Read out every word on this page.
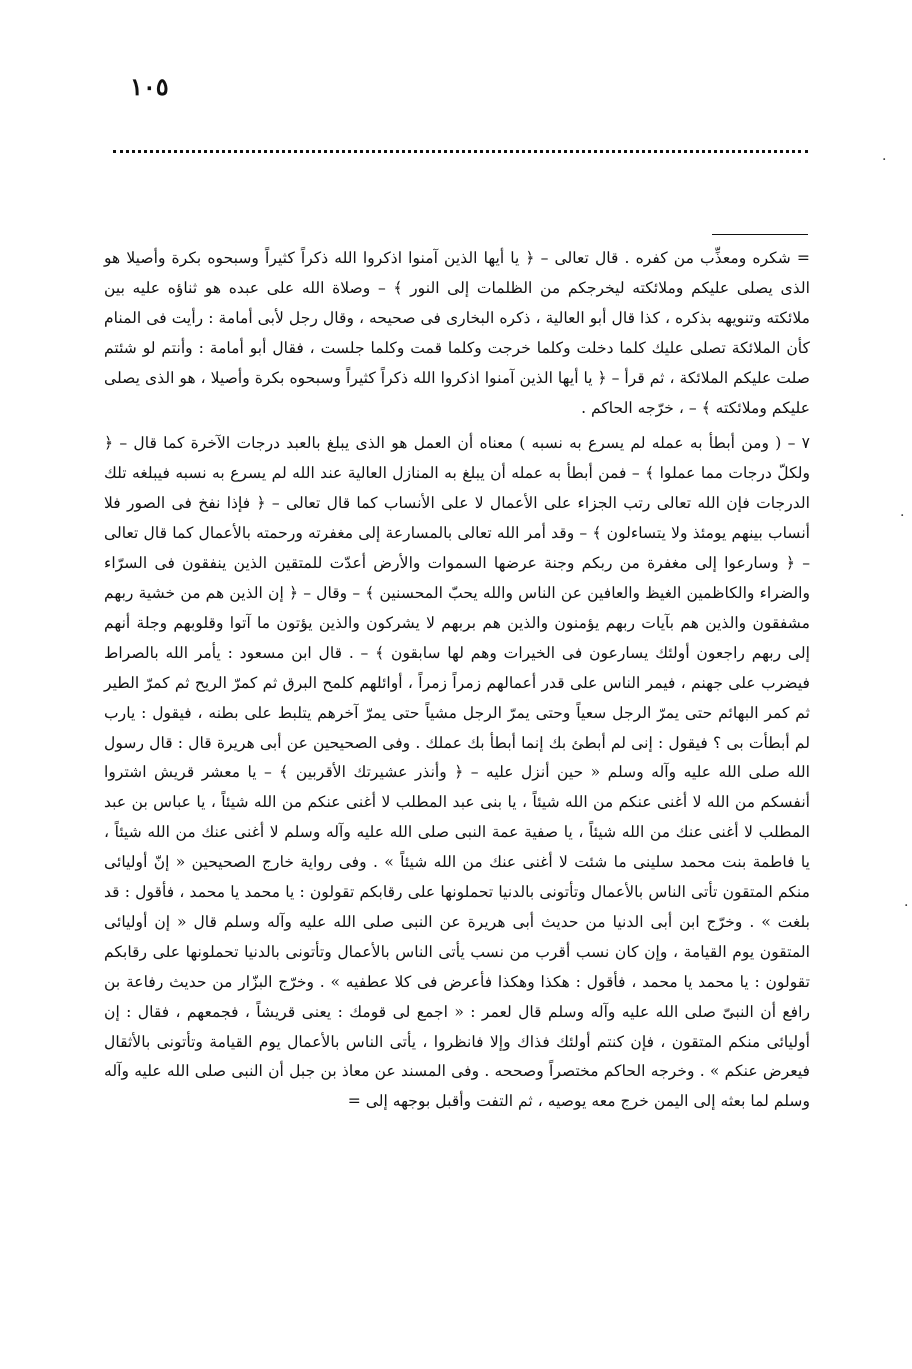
١٠٥
·
·
·

= شكره ومعذِّب من كفره . قال تعالى – ﴿ يا أيها الذين آمنوا اذكروا الله ذكراً كثيراً وسبحوه بكرة وأصيلا هو الذى يصلى عليكم وملائكته ليخرجكم من الظلمات إلى النور ﴾ – وصلاة الله على عبده هو ثناؤه عليه بين ملائكته وتنويهه بذكره ، كذا قال أبو العالية ، ذكره البخارى فى صحيحه ، وقال رجل لأبى أمامة : رأيت فى المنام كأن الملائكة تصلى عليك كلما دخلت وكلما خرجت وكلما قمت وكلما جلست ، فقال أبو أمامة : وأنتم لو شئتم صلت عليكم الملائكة ، ثم قرأ – ﴿ يا أيها الذين آمنوا اذكروا الله ذكراً كثيراً وسبحوه بكرة وأصيلا ، هو الذى يصلى عليكم وملائكته ﴾ – ، خرّجه الحاكم .

٧ – ( ومن أبطأ به عمله لم يسرع به نسبه ) معناه أن العمل هو الذى يبلغ بالعبد درجات الآخرة كما قال – ﴿ ولكلّ درجات مما عملوا ﴾ – فمن أبطأ به عمله أن يبلغ به المنازل العالية عند الله لم يسرع به نسبه فيبلغه تلك الدرجات فإن الله تعالى رتب الجزاء على الأعمال لا على الأنساب كما قال تعالى – ﴿ فإذا نفخ فى الصور فلا أنساب بينهم يومئذ ولا يتساءلون ﴾ – وقد أمر الله تعالى بالمسارعة إلى مغفرته ورحمته بالأعمال كما قال تعالى – ﴿ وسارعوا إلى مغفرة من ربكم وجنة عرضها السموات والأرض أعدّت للمتقين الذين ينفقون فى السرّاء والضراء والكاظمين الغيظ والعافين عن الناس والله يحبّ المحسنين ﴾ – وقال – ﴿ إن الذين هم من خشية ربهم مشفقون والذين هم بآيات ربهم يؤمنون والذين هم بربهم لا يشركون والذين يؤتون ما آتوا وقلوبهم وجلة أنهم إلى ربهم راجعون أولئك يسارعون فى الخيرات وهم لها سابقون ﴾ – . قال ابن مسعود : يأمر الله بالصراط فيضرب على جهنم ، فيمر الناس على قدر أعمالهم زمراً زمراً ، أوائلهم كلمح البرق ثم كمرّ الريح ثم كمرّ الطير ثم كمر البهائم حتى يمرّ الرجل سعياً وحتى يمرّ الرجل مشياً حتى يمرّ آخرهم يتلبط على بطنه ، فيقول : يارب لم أبطأت بى ؟ فيقول : إنى لم أبطئ بك إنما أبطأ بك عملك . وفى الصحيحين عن أبى هريرة قال : قال رسول الله صلى الله عليه وآله وسلم « حين أنزل عليه – ﴿ وأنذر عشيرتك الأقربين ﴾ – يا معشر قريش اشتروا أنفسكم من الله لا أغنى عنكم من الله شيئاً ، يا بنى عبد المطلب لا أغنى عنكم من الله شيئاً ، يا عباس بن عبد المطلب لا أغنى عنك من الله شيئاً ، يا صفية عمة النبى صلى الله عليه وآله وسلم لا أغنى عنك من الله شيئاً ، يا فاطمة بنت محمد سلينى ما شئت لا أغنى عنك من الله شيئاً » . وفى رواية خارج الصحيحين « إنّ أوليائى منكم المتقون تأتى الناس بالأعمال وتأتونى بالدنيا تحملونها على رقابكم تقولون : يا محمد يا محمد ، فأقول : قد بلغت » . وخرّج ابن أبى الدنيا من حديث أبى هريرة عن النبى صلى الله عليه وآله وسلم قال « إن أوليائى المتقون يوم القيامة ، وإن كان نسب أقرب من نسب يأتى الناس بالأعمال وتأتونى بالدنيا تحملونها على رقابكم تقولون : يا محمد يا محمد ، فأقول : هكذا وهكذا فأعرض فى كلا عطفيه » . وخرّج البزّار من حديث رفاعة بن رافع أن النبىّ صلى الله عليه وآله وسلم قال لعمر : « اجمع لى قومك : يعنى قريشاً ، فجمعهم ، فقال : إن أوليائى منكم المتقون ، فإن كنتم أولئك فذاك وإلا فانظروا ، يأتى الناس بالأعمال يوم القيامة وتأتونى بالأثقال فيعرض عنكم » . وخرجه الحاكم مختصراً وصححه . وفى المسند عن معاذ بن جبل أن النبى صلى الله عليه وآله وسلم لما بعثه إلى اليمن خرج معه يوصيه ، ثم التفت وأقبل بوجهه إلى =
